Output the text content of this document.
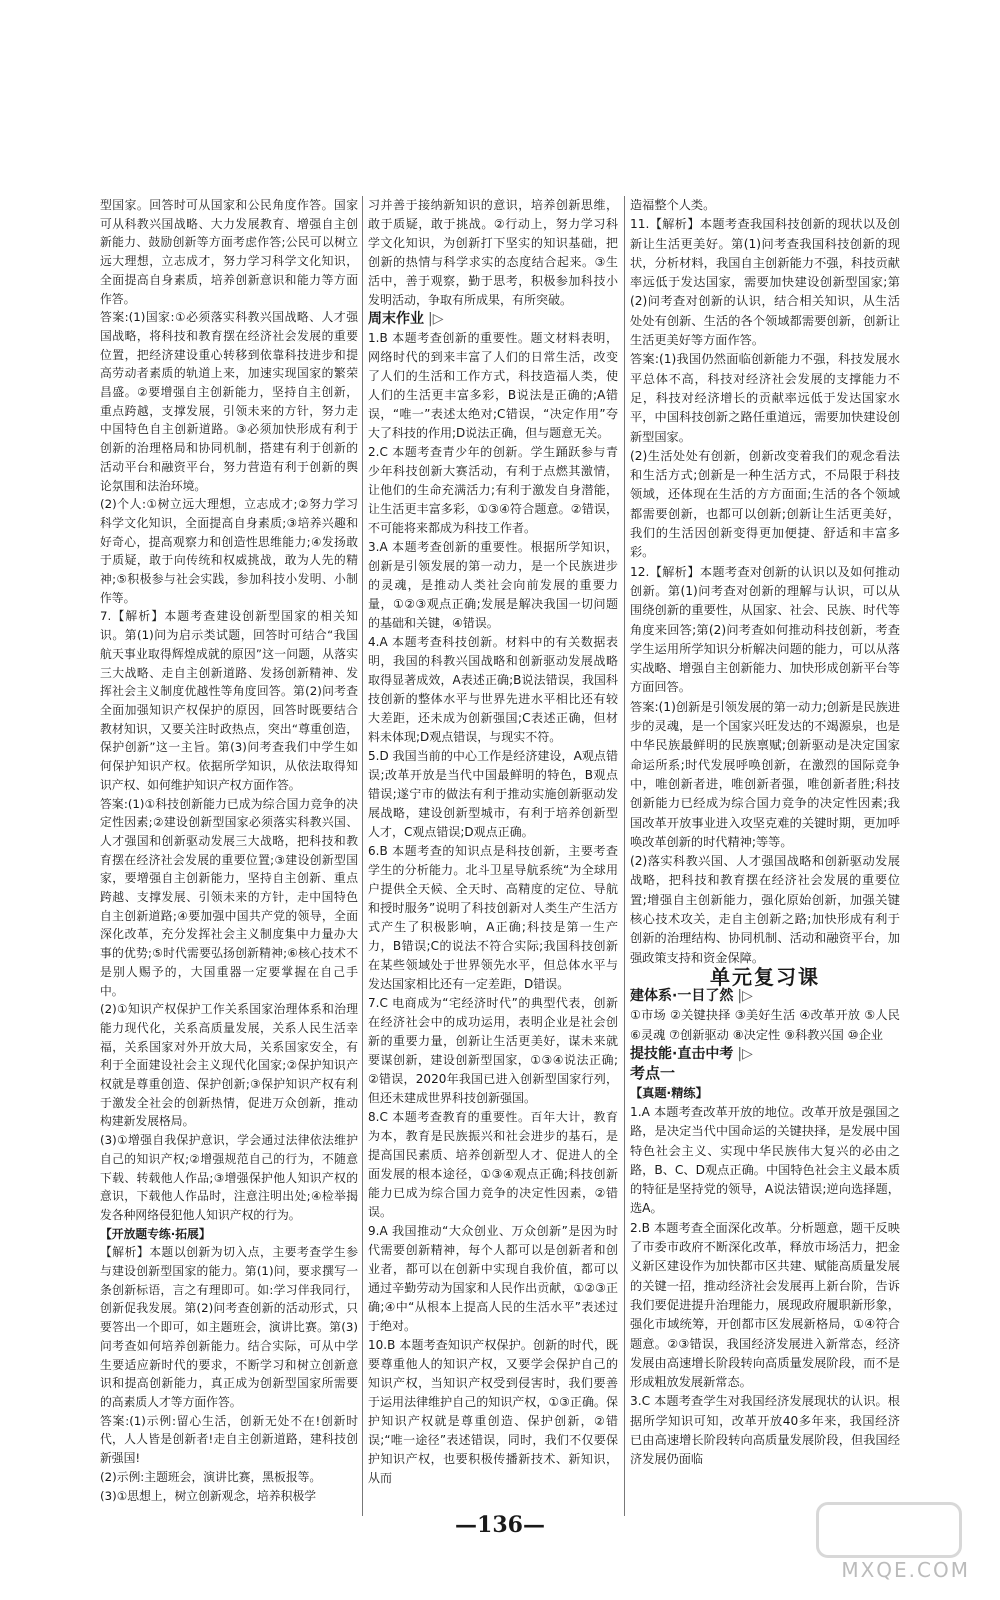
型国家。回答时可从国家和公民角度作答。国家可从科教兴国战略、大力发展教育、增强自主创新能力、鼓励创新等方面考虑作答;公民可以树立远大理想，立志成才，努力学习科学文化知识，全面提高自身素质，培养创新意识和能力等方面作答。

答案:(1)国家:①必须落实科教兴国战略、人才强国战略，将科技和教育摆在经济社会发展的重要位置，把经济建设重心转移到依靠科技进步和提高劳动者素质的轨道上来，加速实现国家的繁荣昌盛。②要增强自主创新能力，坚持自主创新，重点跨越，支撑发展，引领未来的方针，努力走中国特色自主创新道路。③必须加快形成有利于创新的治理格局和协同机制，搭建有利于创新的活动平台和融资平台，努力营造有利于创新的舆论氛围和法治环境。

(2)个人:①树立远大理想，立志成才;②努力学习科学文化知识，全面提高自身素质;③培养兴趣和好奇心，提高观察力和创造性思维能力;④发扬敢于质疑，敢于向传统和权威挑战，敢为人先的精神;⑤积极参与社会实践，参加科技小发明、小制作等。

7.【解析】本题考查建设创新型国家的相关知识。第(1)问为启示类试题，回答时可结合“我国航天事业取得辉煌成就的原因”这一问题，从落实三大战略、走自主创新道路、发扬创新精神、发挥社会主义制度优越性等角度回答。第(2)问考查全面加强知识产权保护的原因，回答时既要结合教材知识，又要关注时政热点，突出“尊重创造，保护创新”这一主旨。第(3)问考查我们中学生如何保护知识产权。依据所学知识，从依法取得知识产权、如何维护知识产权方面作答。

答案:(1)①科技创新能力已成为综合国力竞争的决定性因素;②建设创新型国家必须落实科教兴国、人才强国和创新驱动发展三大战略，把科技和教育摆在经济社会发展的重要位置;③建设创新型国家，要增强自主创新能力，坚持自主创新、重点跨越、支撑发展、引领未来的方针，走中国特色自主创新道路;④要加强中国共产党的领导，全面深化改革，充分发挥社会主义制度集中力量办大事的优势;⑤时代需要弘扬创新精神;⑥核心技术不是别人赐予的，大国重器一定要掌握在自己手中。

(2)①知识产权保护工作关系国家治理体系和治理能力现代化，关系高质量发展，关系人民生活幸福，关系国家对外开放大局，关系国家安全，有利于全面建设社会主义现代化国家;②保护知识产权就是尊重创造、保护创新;③保护知识产权有利于激发全社会的创新热情，促进万众创新，推动构建新发展格局。

(3)①增强自我保护意识，学会通过法律依法维护自己的知识产权;②增强规范自己的行为，不随意下载、转载他人作品;③增强保护他人知识产权的意识，下载他人作品时，注意注明出处;④检举揭发各种网络侵犯他人知识产权的行为。

【开放题专练·拓展】

【解析】本题以创新为切入点，主要考查学生参与建设创新型国家的能力。第(1)问，要求撰写一条创新标语，言之有理即可。如:学习伴我同行，创新促我发展。第(2)问考查创新的活动形式，只要答出一个即可，如主题班会，演讲比赛。第(3)问考查如何培养创新能力。结合实际，可从中学生要适应新时代的要求，不断学习和树立创新意识和提高创新能力，真正成为创新型国家所需要的高素质人才等方面作答。

答案:(1)示例:留心生活，创新无处不在!创新时代，人人皆是创新者!走自主创新道路，建科技创新强国!

(2)示例:主题班会，演讲比赛，黑板报等。

(3)①思想上，树立创新观念，培养积极学

习并善于接纳新知识的意识，培养创新思维，敢于质疑，敢于挑战。②行动上，努力学习科学文化知识，为创新打下坚实的知识基础，把创新的热情与科学求实的态度结合起来。③生活中，善于观察，勤于思考，积极参加科技小发明活动，争取有所成果，有所突破。

周末作业 |▷

1.B 本题考查创新的重要性。题文材料表明，网络时代的到来丰富了人们的日常生活，改变了人们的生活和工作方式，科技造福人类，使人们的生活更丰富多彩，B说法是正确的;A错误，“唯一”表述太绝对;C错误，“决定作用”夸大了科技的作用;D说法正确，但与题意无关。

2.C 本题考查青少年的创新。学生踊跃参与青少年科技创新大赛活动，有利于点燃其激情，让他们的生命充满活力;有利于激发自身潜能，让生活更丰富多彩，①③④符合题意。②错误，不可能将来都成为科技工作者。

3.A 本题考查创新的重要性。根据所学知识，创新是引领发展的第一动力，是一个民族进步的灵魂，是推动人类社会向前发展的重要力量，①②③观点正确;发展是解决我国一切问题的基础和关键，④错误。

4.A 本题考查科技创新。材料中的有关数据表明，我国的科教兴国战略和创新驱动发展战略取得显著成效，A表述正确;B说法错误，我国科技创新的整体水平与世界先进水平相比还有较大差距，还未成为创新强国;C表述正确，但材料未体现;D观点错误，与现实不符。

5.D 我国当前的中心工作是经济建设，A观点错误;改革开放是当代中国最鲜明的特色，B观点错误;遂宁市的做法有利于推动实施创新驱动发展战略，建设创新型城市，有利于培养创新型人才，C观点错误;D观点正确。

6.B 本题考查的知识点是科技创新，主要考查学生的分析能力。北斗卫星导航系统“为全球用户提供全天候、全天时、高精度的定位、导航和授时服务”说明了科技创新对人类生产生活方式产生了积极影响，A正确;科技是第一生产力，B错误;C的说法不符合实际;我国科技创新在某些领域处于世界领先水平，但总体水平与发达国家相比还有一定差距，D错误。

7.C 电商成为“宅经济时代”的典型代表，创新在经济社会中的成功运用，表明企业是社会创新的重要力量，创新让生活更美好，谋未来就要谋创新，建设创新型国家，①③④说法正确;②错误，2020年我国已进入创新型国家行列，但还未建成世界科技创新强国。

8.C 本题考查教育的重要性。百年大计，教育为本，教育是民族振兴和社会进步的基石，是提高国民素质、培养创新型人才、促进人的全面发展的根本途径，①③④观点正确;科技创新能力已成为综合国力竞争的决定性因素，②错误。

9.A 我国推动“大众创业、万众创新”是因为时代需要创新精神，每个人都可以是创新者和创业者，都可以在创新中实现自我价值，都可以通过辛勤劳动为国家和人民作出贡献，①②③正确;④中“从根本上提高人民的生活水平”表述过于绝对。

10.B 本题考查知识产权保护。创新的时代，既要尊重他人的知识产权，又要学会保护自己的知识产权，当知识产权受到侵害时，我们要善于运用法律维护自己的知识产权，①③正确。保护知识产权就是尊重创造、保护创新，②错误;“唯一途径”表述错误，同时，我们不仅要保护知识产权，也要积极传播新技术、新知识，从而

造福整个人类。

11.【解析】本题考查我国科技创新的现状以及创新让生活更美好。第(1)问考查我国科技创新的现状，分析材料，我国自主创新能力不强，科技贡献率远低于发达国家，需要加快建设创新型国家;第(2)问考查对创新的认识，结合相关知识，从生活处处有创新、生活的各个领域都需要创新，创新让生活更美好等方面作答。

答案:(1)我国仍然面临创新能力不强，科技发展水平总体不高，科技对经济社会发展的支撑能力不足，科技对经济增长的贡献率远低于发达国家水平，中国科技创新之路任重道远，需要加快建设创新型国家。

(2)生活处处有创新，创新改变着我们的观念看法和生活方式;创新是一种生活方式，不局限于科技领域，还体现在生活的方方面面;生活的各个领域都需要创新，也都可以创新;创新让生活更美好，我们的生活因创新变得更加便捷、舒适和丰富多彩。

12.【解析】本题考查对创新的认识以及如何推动创新。第(1)问考查对创新的理解与认识，可以从围绕创新的重要性，从国家、社会、民族、时代等角度来回答;第(2)问考查如何推动科技创新，考查学生运用所学知识分析解决问题的能力，可以从落实战略、增强自主创新能力、加快形成创新平台等方面回答。

答案:(1)创新是引领发展的第一动力;创新是民族进步的灵魂，是一个国家兴旺发达的不竭源泉，也是中华民族最鲜明的民族禀赋;创新驱动是决定国家命运所系;时代发展呼唤创新，在激烈的国际竞争中，唯创新者进，唯创新者强，唯创新者胜;科技创新能力已经成为综合国力竞争的决定性因素;我国改革开放事业进入攻坚克难的关键时期，更加呼唤改革创新的时代精神;等等。

(2)落实科教兴国、人才强国战略和创新驱动发展战略，把科技和教育摆在经济社会发展的重要位置;增强自主创新能力，强化原始创新，加强关键核心技术攻关，走自主创新之路;加快形成有利于创新的治理结构、协同机制、活动和融资平台，加强政策支持和资金保障。

单元复习课

建体系·一目了然 |▷

①市场 ②关键抉择 ③美好生活 ④改革开放 ⑤人民 ⑥灵魂 ⑦创新驱动 ⑧决定性 ⑨科教兴国 ⑩企业

提技能·直击中考 |▷

考点一

【真题·精练】

1.A 本题考查改革开放的地位。改革开放是强国之路，是决定当代中国命运的关键抉择，是发展中国特色社会主义、实现中华民族伟大复兴的必由之路，B、C、D观点正确。中国特色社会主义最本质的特征是坚持党的领导，A说法错误;逆向选择题，选A。

2.B 本题考查全面深化改革。分析题意，题干反映了市委市政府不断深化改革，释放市场活力，把金义新区建设作为加快都市区共建、赋能高质量发展的关键一招，推动经济社会发展再上新台阶，告诉我们要促进提升治理能力，展现政府履职新形象，强化市域统筹，开创都市区发展新格局，①④符合题意。②③错误，我国经济发展进入新常态，经济发展由高速增长阶段转向高质量发展阶段，而不是形成粗放发展新常态。

3.C 本题考查学生对我国经济发展现状的认识。根据所学知识可知，改革开放40多年来，我国经济已由高速增长阶段转向高质量发展阶段，但我国经济发展仍面临

—136—
MXQE.COM
